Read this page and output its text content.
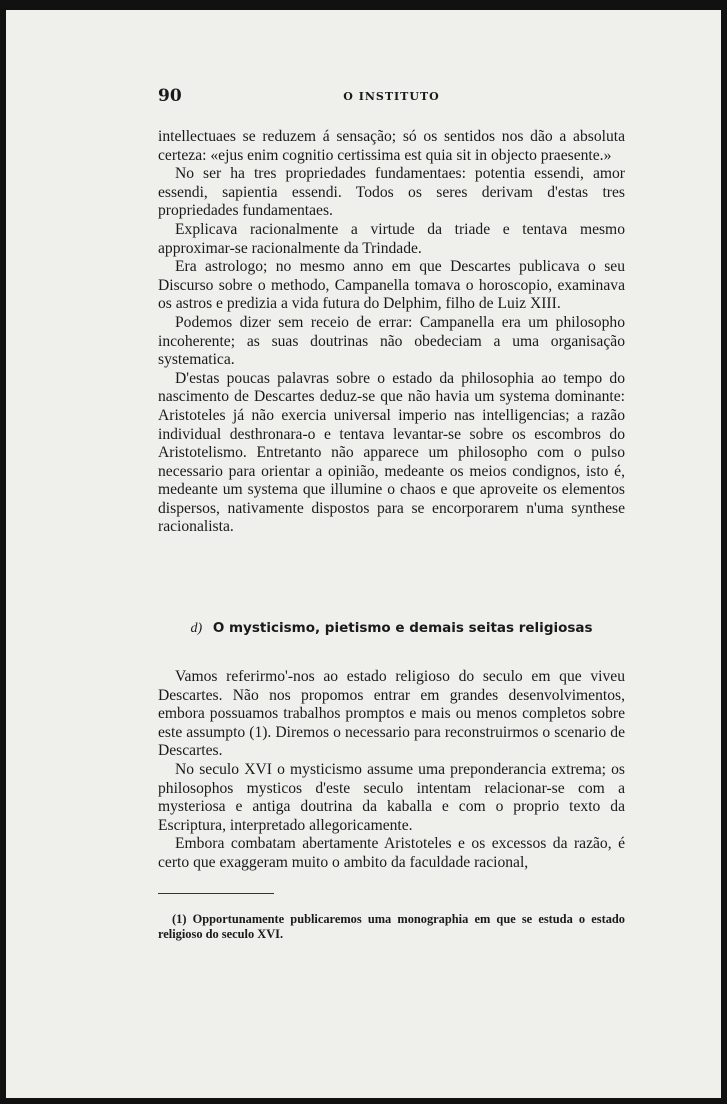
90	O INSTITUTO

intellectuaes se reduzem á sensação; só os sentidos nos dão a absoluta certeza: «ejus enim cognitio certissima est quia sit in objecto praesente.»

No ser ha tres propriedades fundamentaes: potentia essendi, amor essendi, sapientia essendi. Todos os seres derivam d'estas tres propriedades fundamentaes.

Explicava racionalmente a virtude da triade e tentava mesmo approximar-se racionalmente da Trindade.

Era astrologo; no mesmo anno em que Descartes publicava o seu Discurso sobre o methodo, Campanella tomava o horoscopio, examinava os astros e predizia a vida futura do Delphim, filho de Luiz XIII.

Podemos dizer sem receio de errar: Campanella era um philosopho incoherente; as suas doutrinas não obedeciam a uma organisação systematica.

D'estas poucas palavras sobre o estado da philosophia ao tempo do nascimento de Descartes deduz-se que não havia um systema dominante: Aristoteles já não exercia universal imperio nas intelligencias; a razão individual desthronara-o e tentava levantar-se sobre os escombros do Aristotelismo. Entretanto não apparece um philosopho com o pulso necessario para orientar a opinião, medeante os meios condignos, isto é, medeante um systema que illumine o chaos e que aproveite os elementos dispersos, nativamente dispostos para se encorporarem n'uma synthese racionalista.

d) O mysticismo, pietismo e demais seitas religiosas

Vamos referirmo'-nos ao estado religioso do seculo em que viveu Descartes. Não nos propomos entrar em grandes desenvolvimentos, embora possuamos trabalhos promptos e mais ou menos completos sobre este assumpto (1). Diremos o necessario para reconstruirmos o scenario de Descartes.

No seculo XVI o mysticismo assume uma preponderancia extrema; os philosophos mysticos d'este seculo intentam relacionar-se com a mysteriosa e antiga doutrina da kaballa e com o proprio texto da Escriptura, interpretado allegoricamente.

Embora combatam abertamente Aristoteles e os excessos da razão, é certo que exaggeram muito o ambito da faculdade racional,

(1) Opportunamente publicaremos uma monographia em que se estuda o estado religioso do seculo XVI.
